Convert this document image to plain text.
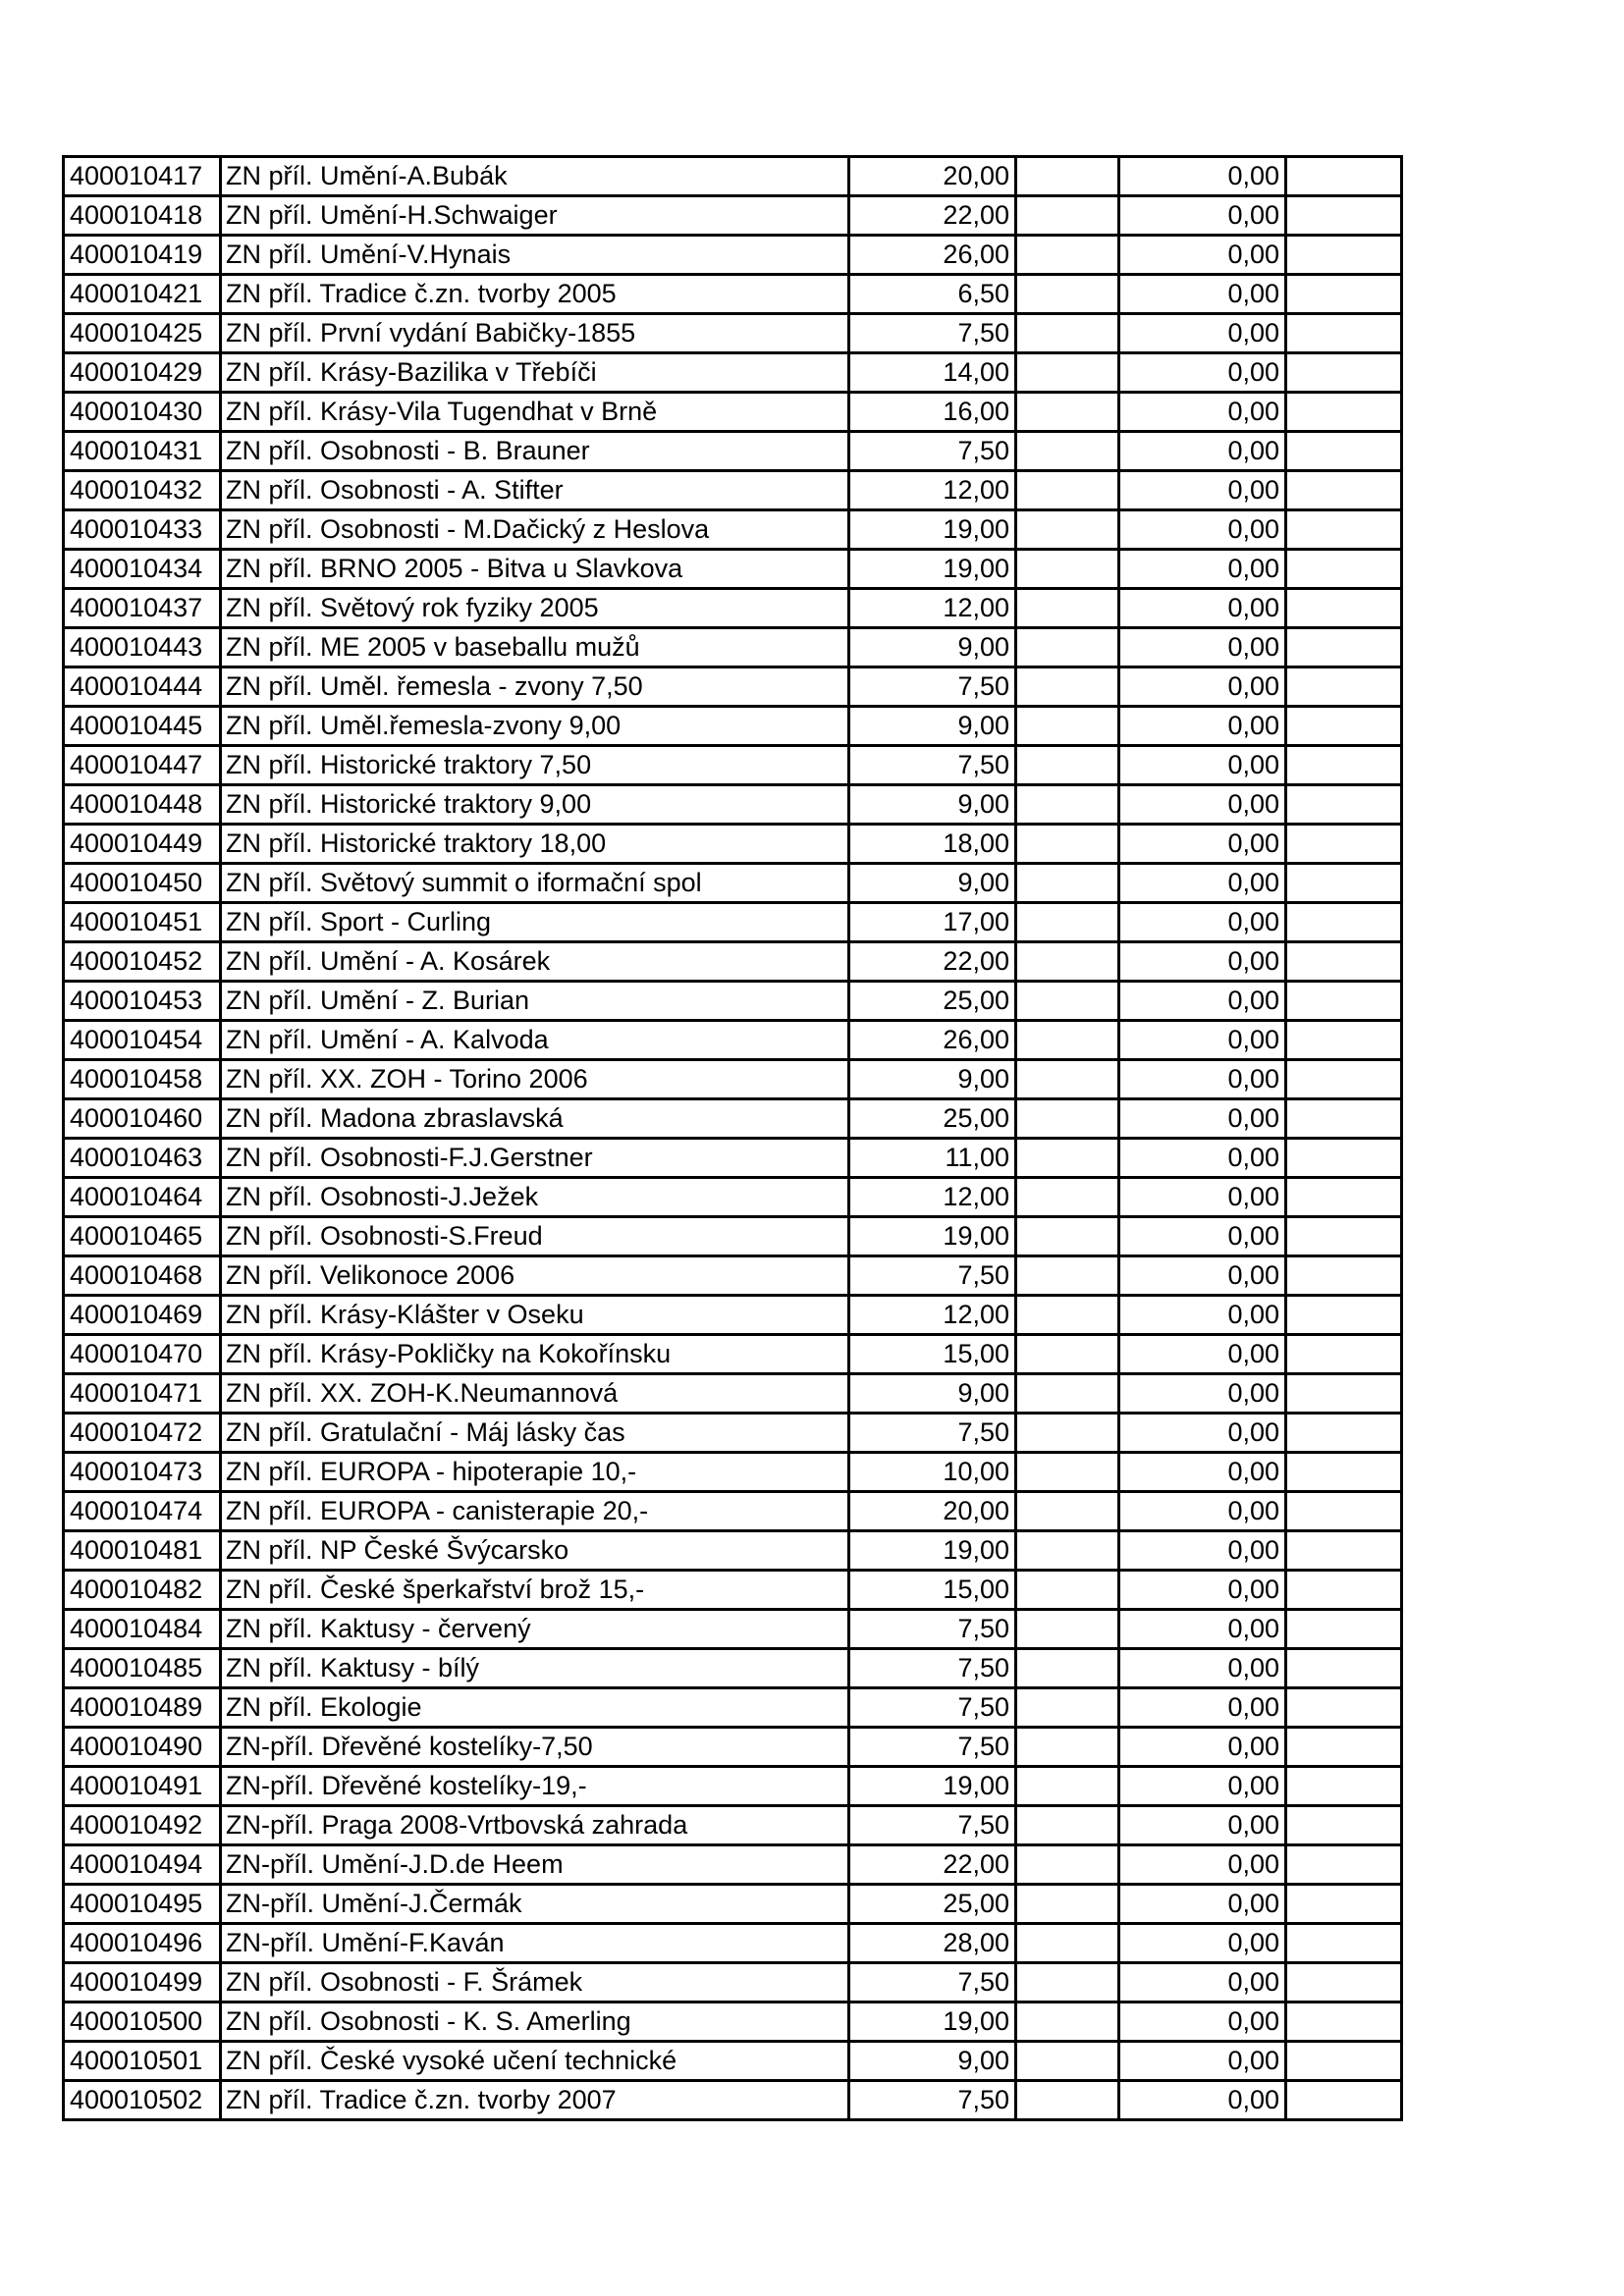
400010417	ZN příl. Umění-A.Bubák	20,00		0,00	
400010418	ZN příl. Umění-H.Schwaiger	22,00		0,00	
400010419	ZN příl. Umění-V.Hynais	26,00		0,00	
400010421	ZN příl. Tradice č.zn. tvorby 2005	6,50		0,00	
400010425	ZN příl. První vydání Babičky-1855	7,50		0,00	
400010429	ZN příl. Krásy-Bazilika v Třebíči	14,00		0,00	
400010430	ZN příl. Krásy-Vila Tugendhat v Brně	16,00		0,00	
400010431	ZN příl. Osobnosti - B. Brauner	7,50		0,00	
400010432	ZN příl. Osobnosti - A. Stifter	12,00		0,00	
400010433	ZN příl. Osobnosti - M.Dačický z Heslova	19,00		0,00	
400010434	ZN příl. BRNO 2005 - Bitva u Slavkova	19,00		0,00	
400010437	ZN příl. Světový rok fyziky 2005	12,00		0,00	
400010443	ZN příl. ME 2005 v baseballu mužů	9,00		0,00	
400010444	ZN příl. Uměl. řemesla - zvony 7,50	7,50		0,00	
400010445	ZN příl. Uměl.řemesla-zvony 9,00	9,00		0,00	
400010447	ZN příl. Historické traktory 7,50	7,50		0,00	
400010448	ZN příl. Historické traktory 9,00	9,00		0,00	
400010449	ZN příl. Historické traktory 18,00	18,00		0,00	
400010450	ZN příl. Světový summit o iformační spol	9,00		0,00	
400010451	ZN příl. Sport - Curling	17,00		0,00	
400010452	ZN příl. Umění - A. Kosárek	22,00		0,00	
400010453	ZN příl. Umění - Z. Burian	25,00		0,00	
400010454	ZN příl. Umění - A. Kalvoda	26,00		0,00	
400010458	ZN příl. XX. ZOH - Torino 2006	9,00		0,00	
400010460	ZN příl. Madona zbraslavská	25,00		0,00	
400010463	ZN příl. Osobnosti-F.J.Gerstner	11,00		0,00	
400010464	ZN příl. Osobnosti-J.Ježek	12,00		0,00	
400010465	ZN příl. Osobnosti-S.Freud	19,00		0,00	
400010468	ZN příl. Velikonoce 2006	7,50		0,00	
400010469	ZN příl. Krásy-Klášter v Oseku	12,00		0,00	
400010470	ZN příl. Krásy-Pokličky na Kokořínsku	15,00		0,00	
400010471	ZN příl. XX. ZOH-K.Neumannová	9,00		0,00	
400010472	ZN příl. Gratulační - Máj lásky čas	7,50		0,00	
400010473	ZN příl. EUROPA - hipoterapie 10,-	10,00		0,00	
400010474	ZN příl. EUROPA - canisterapie 20,-	20,00		0,00	
400010481	ZN příl. NP České Švýcarsko	19,00		0,00	
400010482	ZN příl. České šperkařství brož 15,-	15,00		0,00	
400010484	ZN příl. Kaktusy - červený	7,50		0,00	
400010485	ZN příl. Kaktusy - bílý	7,50		0,00	
400010489	ZN příl. Ekologie	7,50		0,00	
400010490	ZN-příl. Dřevěné kostelíky-7,50	7,50		0,00	
400010491	ZN-příl. Dřevěné kostelíky-19,-	19,00		0,00	
400010492	ZN-příl. Praga 2008-Vrtbovská zahrada	7,50		0,00	
400010494	ZN-příl. Umění-J.D.de Heem	22,00		0,00	
400010495	ZN-příl. Umění-J.Čermák	25,00		0,00	
400010496	ZN-příl. Umění-F.Kaván	28,00		0,00	
400010499	ZN příl. Osobnosti - F. Šrámek	7,50		0,00	
400010500	ZN příl. Osobnosti - K. S. Amerling	19,00		0,00	
400010501	ZN příl. České vysoké učení technické	9,00		0,00	
400010502	ZN příl. Tradice č.zn. tvorby 2007	7,50		0,00	
